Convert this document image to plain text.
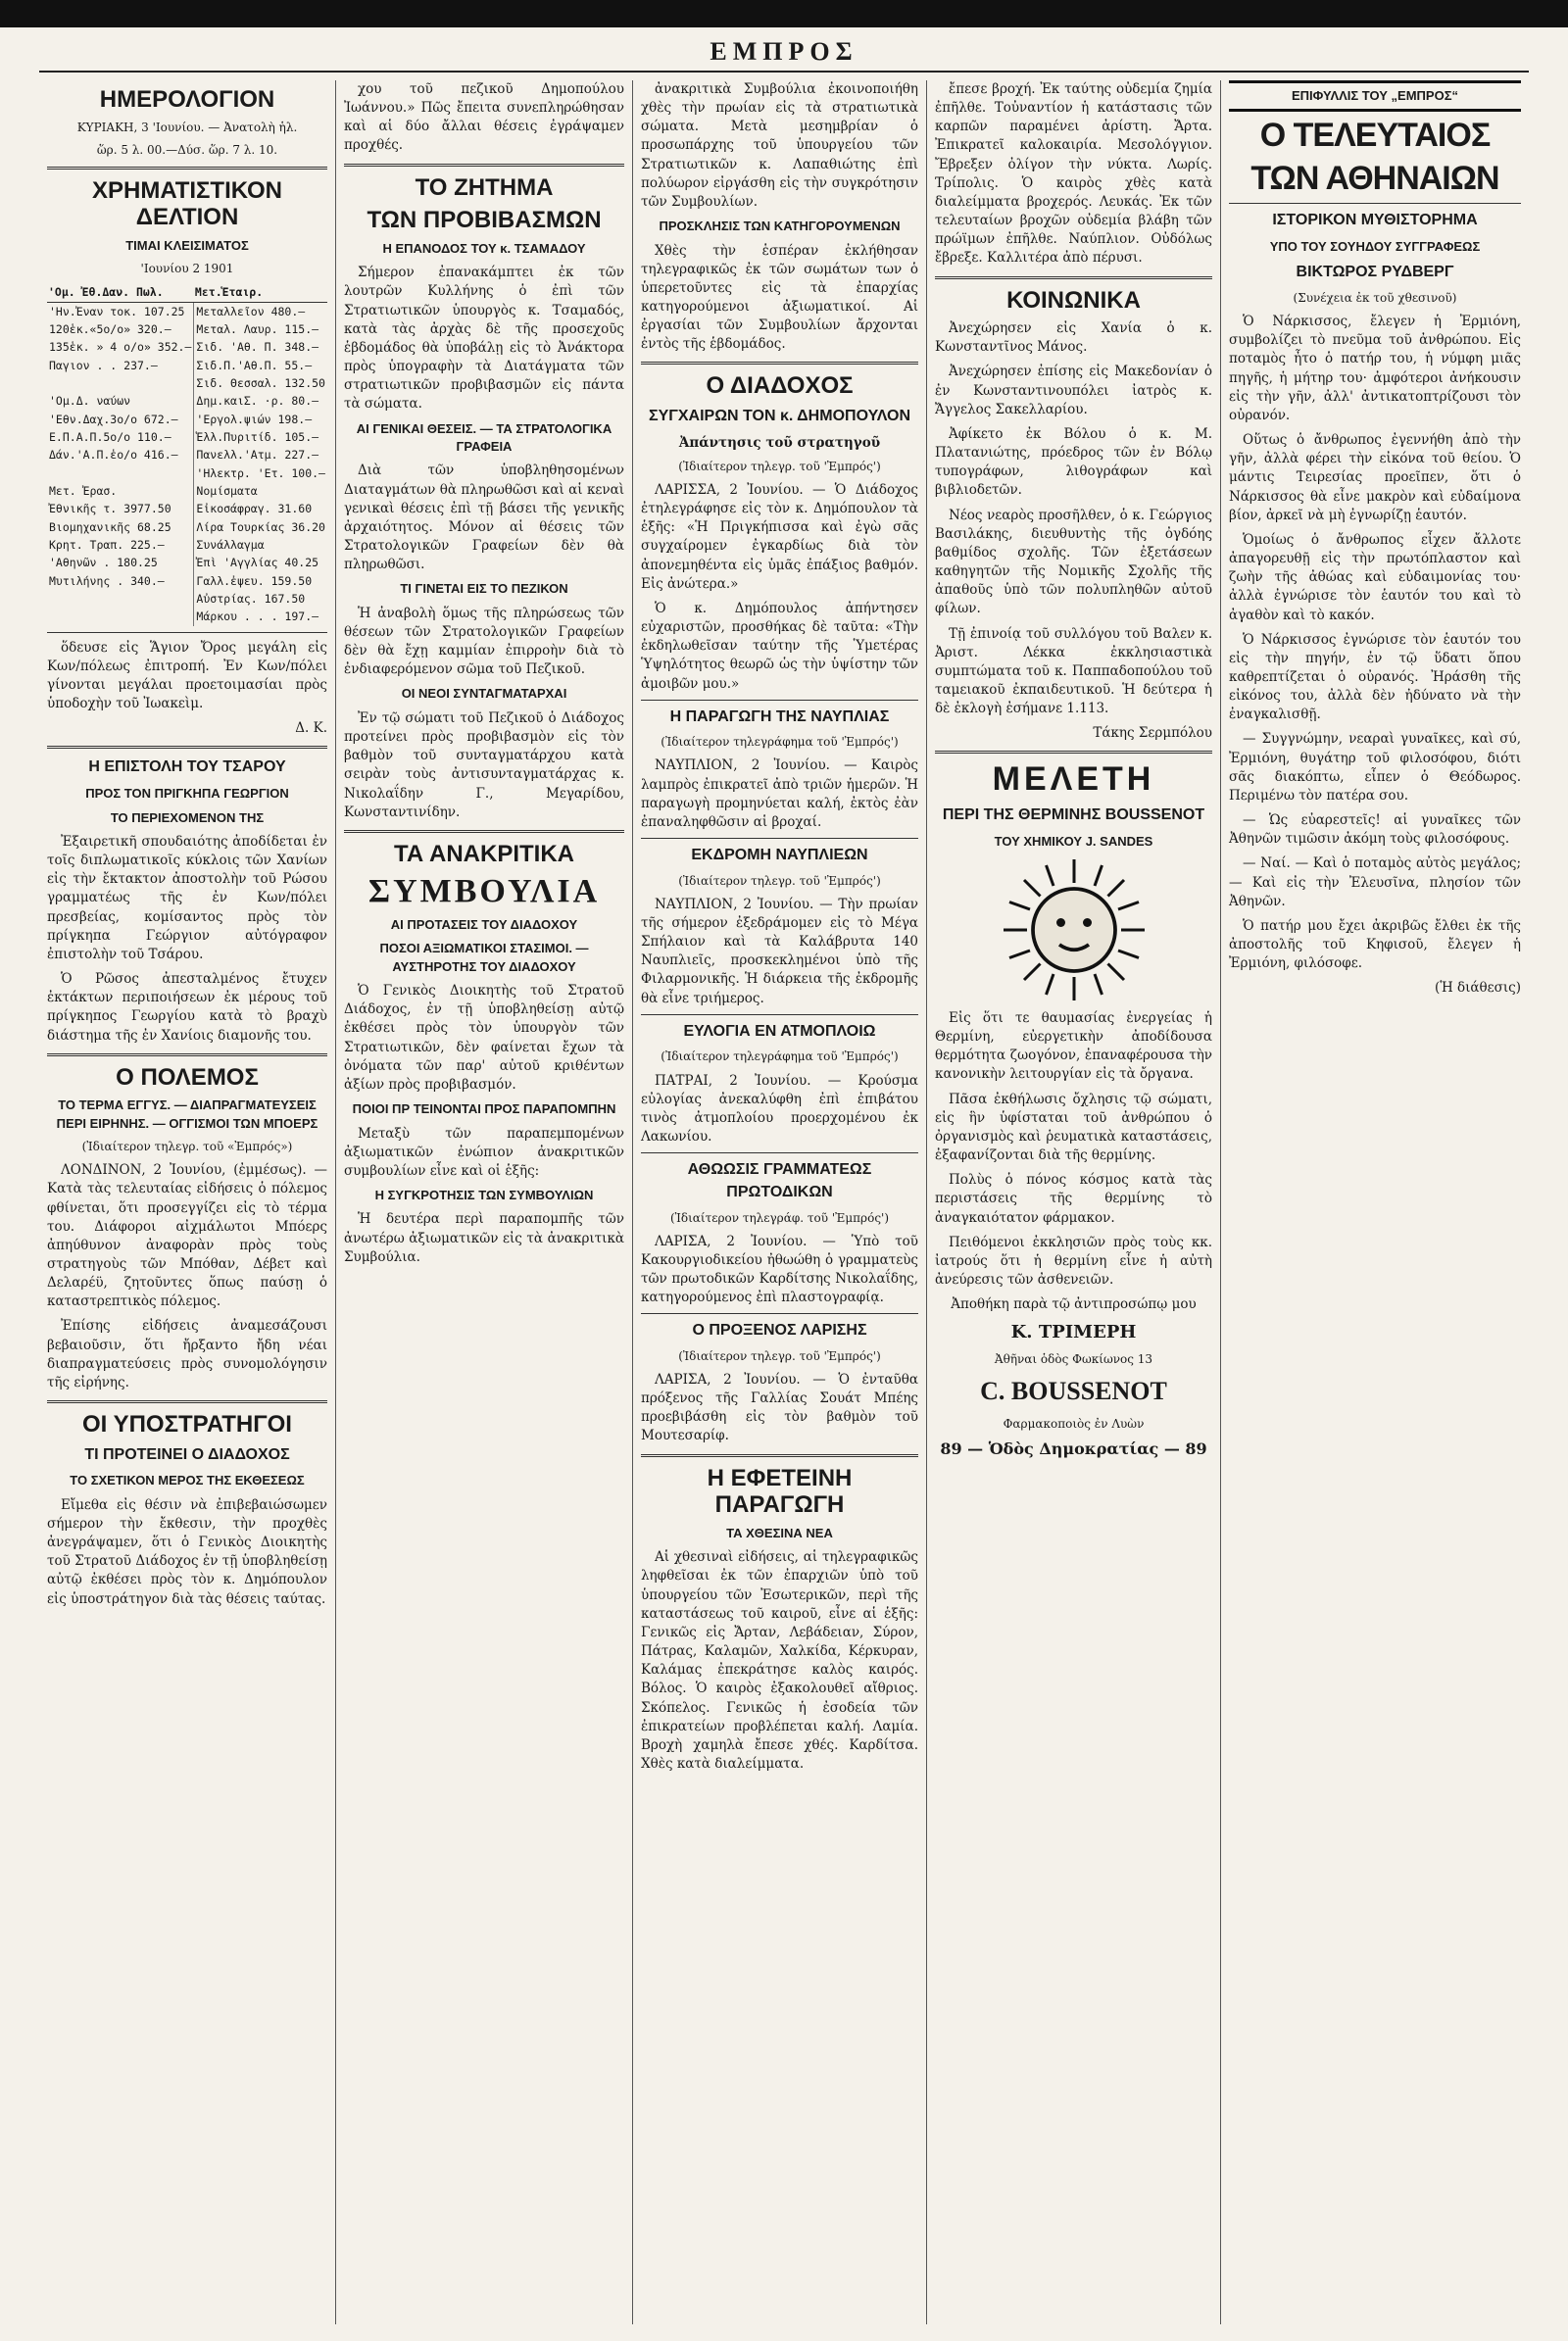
ΕΜΠΡΟΣ
ΗΜΕΡΟΛΟΓΙΟΝ

ΚΥΡΙΑΚΗ, 3 'Ιουνίου. — Ἀνατολὴ ἡλ.

ὥρ. 5 λ. 00.—Δύσ. ὥρ. 7 λ. 10.

ΧΡΗΜΑΤΙΣΤΙΚΟΝ ΔΕΛΤΙΟΝ
ΤΙΜΑΙ ΚΛΕΙΣΙΜΑΤΟΣ

'Ιουνίου 2 1901

'Ομ. Ἐθ.Δαν. Πωλ.	Μετ.Ἑταιρ.
'Ην.Ἐναν τοκ. 107.25	Μεταλλεῖον 480.—
120ἑκ.«5ο/ο» 320.—	Μεταλ. Λαυρ. 115.—
135ἑκ. » 4 ο/ο» 352.—	Σιδ. 'Αθ. Π. 348.—
Παγιον . . 237.—	Σιδ.Π.'Αθ.Π. 55.—
	Σιδ. Θεσσαλ. 132.50
'Ομ.Δ. ναύων	Δημ.καιΣ. ·ρ. 80.—
'Εθν.Δαχ.3ο/ο 672.—	'Εργολ.ψιών 198.—
Ε.Π.Α.Π.5ο/ο 110.—	Ἑλλ.Πυριτίδ. 105.—
Δάν.'Α.Π.ἑο/ο 416.—	Πανελλ.'Ατμ. 227.—
	'Ηλεκτρ. 'Ετ. 100.—
Μετ. Ἐρασ.	Νομίσματα
Ἐθνικῆς τ. 3977.50	Εἰκοσάφραγ. 31.60
Βιομηχανικῆς 68.25	Λίρα Τουρκίας 36.20
Κρητ. Τραπ. 225.—	Συνάλλαγμα
'Αθηνῶν . 180.25	Ἐπὶ 'Αγγλίας 40.25
Μυτιλήνης . 340.—	Γαλλ.ἐψευ. 159.50
	Αὐστρίας. 167.50
	Μάρκου . . . 197.—

ὅδευσε εἰς Ἅγιον Ὄρος μεγάλη εἰς Κων/πόλεως ἐπιτροπή. Ἐν Κων/πόλει γίνονται μεγάλαι προετοιμασίαι πρὸς ὑποδοχὴν τοῦ Ἰωακεὶμ.

Δ. Κ.

Η ΕΠΙΣΤΟΛΗ ΤΟΥ ΤΣΑΡΟΥ
ΠΡΟΣ ΤΟΝ ΠΡΙΓΚΗΠΑ ΓΕΩΡΓΙΟΝ
ΤΟ ΠΕΡΙΕΧΟΜΕΝΟΝ ΤΗΣ

Ἐξαιρετικῆ σπουδαιότης ἀποδίδεται ἐν τοῖς διπλωματικοῖς κύκλοις τῶν Χανίων εἰς τὴν ἔκτακτον ἀποστολὴν τοῦ Ρώσου γραμματέως τῆς ἐν Κων/πόλει πρεσβείας, κομίσαντος πρὸς τὸν πρίγκηπα Γεώργιον αὐτόγραφον ἐπιστολὴν τοῦ Τσάρου.

Ὁ Ρῶσος ἀπεσταλμένος ἔτυχεν ἐκτάκτων περιποιήσεων ἐκ μέρους τοῦ πρίγκηπος Γεωργίου κατὰ τὸ βραχὺ διάστημα τῆς ἐν Χανίοις διαμονῆς του.

Ο ΠΟΛΕΜΟΣ
ΤΟ ΤΕΡΜΑ ΕΓΓΥΣ. — ΔΙΑΠΡΑΓΜΑΤΕΥΣΕΙΣ ΠΕΡΙ ΕΙΡΗΝΗΣ. — ΟΓΓΙΣΜΟΙ ΤΩΝ ΜΠΟΕΡΣ

(Ἰδιαίτερον τηλεγρ. τοῦ «Ἐμπρός»)

ΛΟΝΔΙΝΟΝ, 2 Ἰουνίου, (ἐμμέσως). — Κατὰ τὰς τελευταίας εἰδήσεις ὁ πόλεμος φθίνεται, ὅτι προσεγγίζει εἰς τὸ τέρμα του. Διάφοροι αἰχμάλωτοι Μπόερς ἀπηύθυνον ἀναφορὰν πρὸς τοὺς στρατηγοὺς τῶν Μπόθαν, Δέβετ καὶ Δελαρέϋ, ζητοῦντες ὅπως παύσῃ ὁ καταστρεπτικὸς πόλεμος.

Ἐπίσης εἰδήσεις ἀναμεσάζουσι βεβαιοῦσιν, ὅτι ἤρξαντο ἤδη νέαι διαπραγματεύσεις πρὸς συνομολόγησιν τῆς εἰρήνης.

ΟΙ ΥΠΟΣΤΡΑΤΗΓΟΙ
ΤΙ ΠΡΟΤΕΙΝΕΙ Ο ΔΙΑΔΟΧΟΣ
ΤΟ ΣΧΕΤΙΚΟΝ ΜΕΡΟΣ ΤΗΣ ΕΚΘΕΣΕΩΣ

Εἴμεθα εἰς θέσιν νὰ ἐπιβεβαιώσωμεν σήμερον τὴν ἔκθεσιν, τὴν προχθὲς ἀνεγράψαμεν, ὅτι ὁ Γενικὸς Διοικητὴς τοῦ Στρατοῦ Διάδοχος ἐν τῇ ὑποβληθείσῃ αὐτῷ ἐκθέσει πρὸς τὸν κ. Δημόπουλον εἰς ὑποστράτηγον διὰ τὰς θέσεις ταύτας.

χου τοῦ πεζικοῦ Δημοπούλου Ἰωάννου.» Πῶς ἔπειτα συνεπληρώθησαν καὶ αἱ δύο ἄλλαι θέσεις ἐγράψαμεν προχθές.

ΤΟ ΖΗΤΗΜΑ
ΤΩΝ ΠΡΟΒΙΒΑΣΜΩΝ
Η ΕΠΑΝΟΔΟΣ ΤΟΥ κ. ΤΣΑΜΑΔΟΥ

Σήμερον ἐπανακάμπτει ἐκ τῶν λουτρῶν Κυλλήνης ὁ ἐπὶ τῶν Στρατιωτικῶν ὑπουργὸς κ. Τσαμαδός, κατὰ τὰς ἀρχὰς δὲ τῆς προσεχοῦς ἑβδομάδος θὰ ὑποβάλῃ εἰς τὸ Ἀνάκτορα πρὸς ὑπογραφὴν τὰ Διατάγματα τῶν στρατιωτικῶν προβιβασμῶν εἰς πάντα τὰ σώματα.

ΑΙ ΓΕΝΙΚΑΙ ΘΕΣΕΙΣ. — ΤΑ ΣΤΡΑΤΟΛΟΓΙΚΑ ΓΡΑΦΕΙΑ

Διὰ τῶν ὑποβληθησομένων Διαταγμάτων θὰ πληρωθῶσι καὶ αἱ κεναὶ γενικαὶ θέσεις ἐπὶ τῇ βάσει τῆς γενικῆς ἀρχαιότητος. Μόνον αἱ θέσεις τῶν Στρατολογικῶν Γραφείων δὲν θὰ πληρωθῶσι.

ΤΙ ΓΙΝΕΤΑΙ ΕΙΣ ΤΟ ΠΕΖΙΚΟΝ

Ἡ ἀναβολὴ ὅμως τῆς πληρώσεως τῶν θέσεων τῶν Στρατολογικῶν Γραφείων δὲν θὰ ἔχῃ καμμίαν ἐπιρροὴν διὰ τὸ ἐνδιαφερόμενον σῶμα τοῦ Πεζικοῦ.

ΟΙ ΝΕΟΙ ΣΥΝΤΑΓΜΑΤΑΡΧΑΙ

Ἐν τῷ σώματι τοῦ Πεζικοῦ ὁ Διάδοχος προτείνει πρὸς προβιβασμὸν εἰς τὸν βαθμὸν τοῦ συνταγματάρχου κατὰ σειρὰν τοὺς ἀντισυνταγματάρχας κ. Νικολαΐδην Γ., Μεγαρίδου, Κωνσταντινίδην.

ΤΑ ΑΝΑΚΡΙΤΙΚΑ
ΣΥΜΒΟΥΛΙΑ
ΑΙ ΠΡΟΤΑΣΕΙΣ ΤΟΥ ΔΙΑΔΟΧΟΥ
ΠΟΣΟΙ ΑΞΙΩΜΑΤΙΚΟΙ ΣΤΑΣΙΜΟΙ. — ΑΥΣΤΗΡΟΤΗΣ ΤΟΥ ΔΙΑΔΟΧΟΥ

Ὁ Γενικὸς Διοικητὴς τοῦ Στρατοῦ Διάδοχος, ἐν τῇ ὑποβληθείσῃ αὐτῷ ἐκθέσει πρὸς τὸν ὑπουργὸν τῶν Στρατιωτικῶν, δὲν φαίνεται ἔχων τὰ ὀνόματα τῶν παρ' αὐτοῦ κριθέντων ἀξίων πρὸς προβιβασμόν.

ΠΟΙΟΙ ΠΡ ΤΕΙΝΟΝΤΑΙ ΠΡΟΣ ΠΑΡΑΠΟΜΠΗΝ

Μεταξὺ τῶν παραπεμπομένων ἀξιωματικῶν ἐνώπιον ἀνακριτικῶν συμβουλίων εἶνε καὶ οἱ ἑξῆς:

Η ΣΥΓΚΡΟΤΗΣΙΣ ΤΩΝ ΣΥΜΒΟΥΛΙΩΝ

Ἡ δευτέρα περὶ παραπομπῆς τῶν ἀνωτέρω ἀξιωματικῶν εἰς τὰ ἀνακριτικὰ Συμβούλια.

ἀνακριτικὰ Συμβούλια ἐκοινοποιήθη χθὲς τὴν πρωίαν εἰς τὰ στρατιωτικὰ σώματα. Μετὰ μεσημβρίαν ὁ προσωπάρχης τοῦ ὑπουργείου τῶν Στρατιωτικῶν κ. Λαπαθιώτης ἐπὶ πολύωρον εἰργάσθη εἰς τὴν συγκρότησιν τῶν Συμβουλίων.

ΠΡΟΣΚΛΗΣΙΣ ΤΩΝ ΚΑΤΗΓΟΡΟΥΜΕΝΩΝ

Χθὲς τὴν ἑσπέραν ἐκλήθησαν τηλεγραφικῶς ἐκ τῶν σωμάτων των ὁ ὑπερετοῦντες εἰς τὰ ἐπαρχίας κατηγορούμενοι ἀξιωματικοί. Αἱ ἐργασίαι τῶν Συμβουλίων ἄρχονται ἐντὸς τῆς ἑβδομάδος.

Ο ΔΙΑΔΟΧΟΣ
ΣΥΓΧΑΙΡΩΝ ΤΟΝ κ. ΔΗΜΟΠΟΥΛΟΝ

Ἀπάντησις τοῦ στρατηγοῦ

(Ἰδιαίτερον τηλεγρ. τοῦ 'Ἐμπρός')

ΛΑΡΙΣΣΑ, 2 Ἰουνίου. — Ὁ Διάδοχος ἐτηλεγράφησε εἰς τὸν κ. Δημόπουλον τὰ ἑξῆς: «Ἡ Πριγκήπισσα καὶ ἐγὼ σᾶς συγχαίρομεν ἐγκαρδίως διὰ τὸν ἀπονεμηθέντα εἰς ὑμᾶς ἐπάξιος βαθμόν. Εἰς ἀνώτερα.»

Ὁ κ. Δημόπουλος ἀπήντησεν εὐχαριστῶν, προσθήκας δὲ ταῦτα: «Τὴν ἐκδηλωθεῖσαν ταύτην τῆς Ὑμετέρας Ὑψηλότητος θεωρῶ ὡς τὴν ὑψίστην τῶν ἀμοιβῶν μου.»

Η ΠΑΡΑΓΩΓΗ ΤΗΣ ΝΑΥΠΛΙΑΣ

(Ἰδιαίτερον τηλεγράφημα τοῦ 'Ἐμπρός')

ΝΑΥΠΛΙΟΝ, 2 Ἰουνίου. — Καιρὸς λαμπρὸς ἐπικρατεῖ ἀπὸ τριῶν ἡμερῶν. Ἡ παραγωγὴ προμηνύεται καλή, ἐκτὸς ἐὰν ἐπαναληφθῶσιν αἱ βροχαί.

ΕΚΔΡΟΜΗ ΝΑΥΠΛΙΕΩΝ

(Ἰδιαίτερον τηλεγρ. τοῦ 'Ἐμπρός')

ΝΑΥΠΛΙΟΝ, 2 Ἰουνίου. — Τὴν πρωίαν τῆς σήμερον ἐξεδράμομεν εἰς τὸ Μέγα Σπήλαιον καὶ τὰ Καλάβρυτα 140 Ναυπλιεῖς, προσκεκλημένοι ὑπὸ τῆς Φιλαρμονικῆς. Ἡ διάρκεια τῆς ἐκδρομῆς θὰ εἶνε τριήμερος.

ΕΥΛΟΓΙΑ ΕΝ ΑΤΜΟΠΛΟΙΩ

(Ἰδιαίτερον τηλεγράφημα τοῦ 'Ἐμπρός')

ΠΑΤΡΑΙ, 2 Ἰουνίου. — Κρούσμα εὐλογίας ἀνεκαλύφθη ἐπὶ ἐπιβάτου τινὸς ἀτμοπλοίου προερχομένου ἐκ Λακωνίου.

ΑΘΩΩΣΙΣ ΓΡΑΜΜΑΤΕΩΣ ΠΡΩΤΟΔΙΚΩΝ

(Ἰδιαίτερον τηλεγράφ. τοῦ 'Ἐμπρός')

ΛΑΡΙΣΑ, 2 Ἰουνίου. — Ὑπὸ τοῦ Κακουργιοδικείου ἠθωώθη ὁ γραμματεὺς τῶν πρωτοδικῶν Καρδίτσης Νικολαΐδης, κατηγορούμενος ἐπὶ πλαστογραφίᾳ.

Ο ΠΡΟΞΕΝΟΣ ΛΑΡΙΣΗΣ

(Ἰδιαίτερον τηλεγρ. τοῦ 'Ἐμπρός')

ΛΑΡΙΣΑ, 2 Ἰουνίου. — Ὁ ἐνταῦθα πρόξενος τῆς Γαλλίας Σουάτ Μπέης προεβιβάσθη εἰς τὸν βαθμὸν τοῦ Μουτεσαρίφ.

Η ΕΦΕΤΕΙΝΗ ΠΑΡΑΓΩΓΗ
ΤΑ ΧΘΕΣΙΝΑ ΝΕΑ

Αἱ χθεσιναὶ εἰδήσεις, αἱ τηλεγραφικῶς ληφθεῖσαι ἐκ τῶν ἐπαρχιῶν ὑπὸ τοῦ ὑπουργείου τῶν Ἐσωτερικῶν, περὶ τῆς καταστάσεως τοῦ καιροῦ, εἶνε αἱ ἑξῆς: Γενικῶς εἰς Ἄρταν, Λεβάδειαν, Σύρον, Πάτρας, Καλαμῶν, Χαλκίδα, Κέρκυραν, Καλάμας ἐπεκράτησε καλὸς καιρός. Βόλος. Ὁ καιρὸς ἐξακολουθεῖ αἴθριος. Σκόπελος. Γενικῶς ἡ ἐσοδεία τῶν ἐπικρατείων προβλέπεται καλή. Λαμία. Βροχὴ χαμηλὰ ἔπεσε χθές. Καρδίτσα. Χθὲς κατὰ διαλείμματα.

ἔπεσε βροχή. Ἐκ ταύτης οὐδεμία ζημία ἐπῆλθε. Τοὐναντίον ἡ κατάστασις τῶν καρπῶν παραμένει ἀρίστη. Ἄρτα. Ἐπικρατεῖ καλοκαιρία. Μεσολόγγιον. Ἔβρεξεν ὀλίγον τὴν νύκτα. Λωρίς. Τρίπολις. Ὁ καιρὸς χθὲς κατὰ διαλείμματα βροχερός. Λευκάς. Ἐκ τῶν τελευταίων βροχῶν οὐδεμία βλάβη τῶν πρώϊμων ἐπῆλθε. Ναύπλιον. Οὐδόλως ἔβρεξε. Καλλιτέρα ἀπὸ πέρυσι.

ΚΟΙΝΩΝΙΚΑ

Ἀνεχώρησεν εἰς Χανία ὁ κ. Κωνσταντῖνος Μάνος.

Ἀνεχώρησεν ἐπίσης εἰς Μακεδονίαν ὁ ἐν Κωνσταντινουπόλει ἰατρὸς κ. Ἄγγελος Σακελλαρίου.

Ἀφίκετο ἐκ Βόλου ὁ κ. Μ. Πλατανιώτης, πρόεδρος τῶν ἐν Βόλῳ τυπογράφων, λιθογράφων καὶ βιβλιοδετῶν.

Νέος νεαρὸς προσῆλθεν, ὁ κ. Γεώργιος Βασιλάκης, διευθυντὴς τῆς ὀγδόης βαθμίδος σχολῆς. Τῶν ἐξετάσεων καθηγητῶν τῆς Νομικῆς Σχολῆς τῆς ἀπαθοῦς ὑπὸ τῶν πολυπληθῶν αὐτοῦ φίλων.

Τῇ ἐπινοίᾳ τοῦ συλλόγου τοῦ Βαλεν κ. Ἀριστ. Λέκκα ἐκκλησιαστικὰ συμπτώματα τοῦ κ. Παππαδοπούλου τοῦ ταμειακοῦ ἐκπαιδευτικοῦ. Ἡ δεύτερα ἡ δὲ ἐκλογὴ ἐσήμανε 1.113.

Τάκης Σερμπόλου

ΜΕΛΕΤΗ
ΠΕΡΙ ΤΗΣ ΘΕΡΜΙΝΗΣ BOUSSENOT
ΤΟΥ ΧΗΜΙΚΟΥ J. SANDES

Εἰς ὅτι τε θαυμασίας ἐνεργείας ἡ Θερμίνη, εὐεργετικὴν ἀποδίδουσα θερμότητα ζωογόνον, ἐπαναφέρουσα τὴν κανονικὴν λειτουργίαν εἰς τὰ ὄργανα.

Πᾶσα ἐκθήλωσις ὄχλησις τῷ σώματι, εἰς ἣν ὑφίσταται τοῦ ἀνθρώπου ὁ ὀργανισμὸς καὶ ῥευματικὰ καταστάσεις, ἐξαφανίζονται διὰ τῆς θερμίνης.

Πολὺς ὁ πόνος κόσμος κατὰ τὰς περιστάσεις τῆς θερμίνης τὸ ἀναγκαιότατον φάρμακον.

Πειθόμενοι ἐκκλησιῶν πρὸς τοὺς κκ. ἰατρούς ὅτι ἡ θερμίνη εἶνε ἡ αὐτὴ ἀνεύρεσις τῶν ἀσθενειῶν.

Ἀποθήκη παρὰ τῷ ἀντιπροσώπῳ μου

Κ. ΤΡΙΜΕΡΗ

Ἀθῆναι ὁδὸς Φωκίωνος 13

C. BOUSSENOT

Φαρμακοποιὸς ἐν Λυὼν

89 — Ὁδὸς Δημοκρατίας — 89

ΕΠΙΦΥΛΛΙΣ ΤΟΥ „ΕΜΠΡΟΣ“
Ο ΤΕΛΕΥΤΑΙΟΣ
ΤΩΝ ΑΘΗΝΑΙΩΝ
ΙΣΤΟΡΙΚΟΝ ΜΥΘΙΣΤΟΡΗΜΑ
ΥΠΟ ΤΟΥ ΣΟΥΗΔΟΥ ΣΥΓΓΡΑΦΕΩΣ
ΒΙΚΤΩΡΟΣ ΡΥΔΒΕΡΓ

(Συνέχεια ἐκ τοῦ χθεσινοῦ)

Ὁ Νάρκισσος, ἔλεγεν ἡ Ἐρμιόνη, συμβολίζει τὸ πνεῦμα τοῦ ἀνθρώπου. Εἰς ποταμὸς ἦτο ὁ πατήρ του, ἡ νύμφη μιᾶς πηγῆς, ἡ μήτηρ του· ἀμφότεροι ἀνήκουσιν εἰς τὴν γῆν, ἀλλ' ἀντικατοπτρίζουσι τὸν οὐρανόν.

Οὕτως ὁ ἄνθρωπος ἐγεννήθη ἀπὸ τὴν γῆν, ἀλλὰ φέρει τὴν εἰκόνα τοῦ θείου. Ὁ μάντις Τειρεσίας προεῖπεν, ὅτι ὁ Νάρκισσος θὰ εἶνε μακρὸν καὶ εὐδαίμονα βίον, ἀρκεῖ νὰ μὴ ἐγνωρίζῃ ἑαυτόν.

Ὁμοίως ὁ ἄνθρωπος εἶχεν ἄλλοτε ἀπαγορευθῇ εἰς τὴν πρωτόπλαστον καὶ ζωὴν τῆς ἀθώας καὶ εὐδαιμονίας του· ἀλλὰ ἐγνώρισε τὸν ἑαυτόν του καὶ τὸ ἀγαθὸν καὶ τὸ κακόν.

Ὁ Νάρκισσος ἐγνώρισε τὸν ἑαυτόν του εἰς τὴν πηγήν, ἐν τῷ ὕδατι ὅπου καθρεπτίζεται ὁ οὐρανός. Ἠράσθη τῆς εἰκόνος του, ἀλλὰ δὲν ἠδύνατο νὰ τὴν ἐναγκαλισθῇ.

— Συγγνώμην, νεαραὶ γυναῖκες, καὶ σύ, Ἐρμιόνη, θυγάτηρ τοῦ φιλοσόφου, διότι σᾶς διακόπτω, εἶπεν ὁ Θεόδωρος. Περιμένω τὸν πατέρα σου.

— Ὡς εὐαρεστεῖς! αἱ γυναῖκες τῶν Ἀθηνῶν τιμῶσιν ἀκόμη τοὺς φιλοσόφους.

— Ναί. — Καὶ ὁ ποταμὸς αὐτὸς μεγάλος; — Καὶ εἰς τὴν Ἐλευσῖνα, πλησίον τῶν Ἀθηνῶν.

Ὁ πατήρ μου ἔχει ἀκριβῶς ἔλθει ἐκ τῆς ἀποστολῆς τοῦ Κηφισοῦ, ἔλεγεν ἡ Ἐρμιόνη, φιλόσοφε.

(Ἡ διάθεσις)
